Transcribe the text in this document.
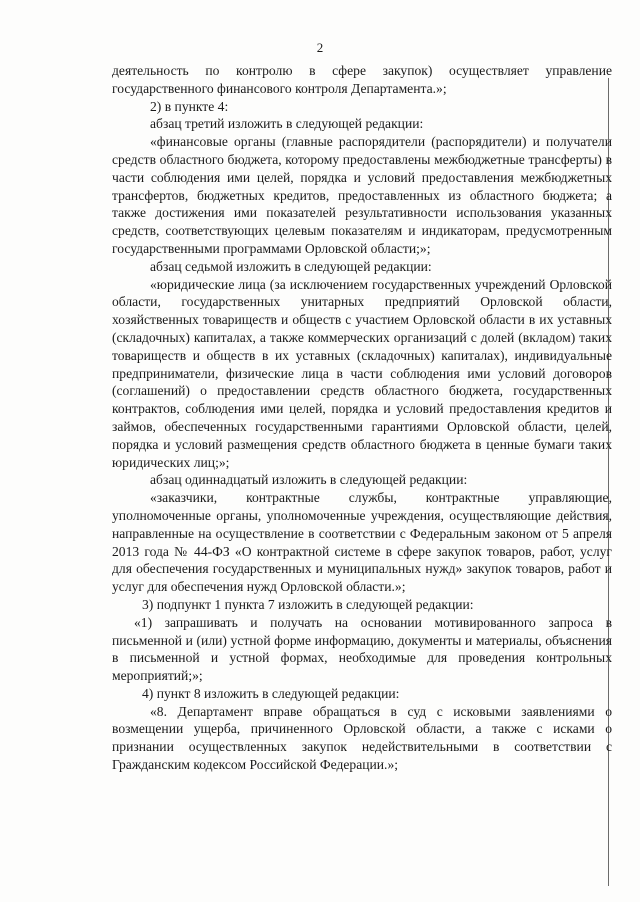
2

деятельность по контролю в сфере закупок) осуществляет управление государственного финансового контроля Департамента.»;

2) в пункте 4:

абзац третий изложить в следующей редакции:

«финансовые органы (главные распорядители (распорядители) и получатели средств областного бюджета, которому предоставлены межбюджетные трансферты) в части соблюдения ими целей, порядка и условий предоставления межбюджетных трансфертов, бюджетных кредитов, предоставленных из областного бюджета; а также достижения ими показателей результативности использования указанных средств, соответствующих целевым показателям и индикаторам, предусмотренным государственными программами Орловской области;»;

абзац седьмой изложить в следующей редакции:

«юридические лица (за исключением государственных учреждений Орловской области, государственных унитарных предприятий Орловской области, хозяйственных товариществ и обществ с участием Орловской области в их уставных (складочных) капиталах, а также коммерческих организаций с долей (вкладом) таких товариществ и обществ в их уставных (складочных) капиталах), индивидуальные предприниматели, физические лица в части соблюдения ими условий договоров (соглашений) о предоставлении средств областного бюджета, государственных контрактов, соблюдения ими целей, порядка и условий предоставления кредитов и займов, обеспеченных государственными гарантиями Орловской области, целей, порядка и условий размещения средств областного бюджета в ценные бумаги таких юридических лиц;»;

абзац одиннадцатый изложить в следующей редакции:

«заказчики, контрактные службы, контрактные управляющие, уполномоченные органы, уполномоченные учреждения, осуществляющие действия, направленные на осуществление в соответствии с Федеральным законом от 5 апреля 2013 года № 44-ФЗ «О контрактной системе в сфере закупок товаров, работ, услуг для обеспечения государственных и муниципальных нужд» закупок товаров, работ и услуг для обеспечения нужд Орловской области.»;

3) подпункт 1 пункта 7 изложить в следующей редакции:

«1) запрашивать и получать на основании мотивированного запроса в письменной и (или) устной форме информацию, документы и материалы, объяснения в письменной и устной формах, необходимые для проведения контрольных мероприятий;»;

4) пункт 8 изложить в следующей редакции:

«8. Департамент вправе обращаться в суд с исковыми заявлениями о возмещении ущерба, причиненного Орловской области, а также с исками о признании осуществленных закупок недействительными в соответствии с Гражданским кодексом Российской Федерации.»;
